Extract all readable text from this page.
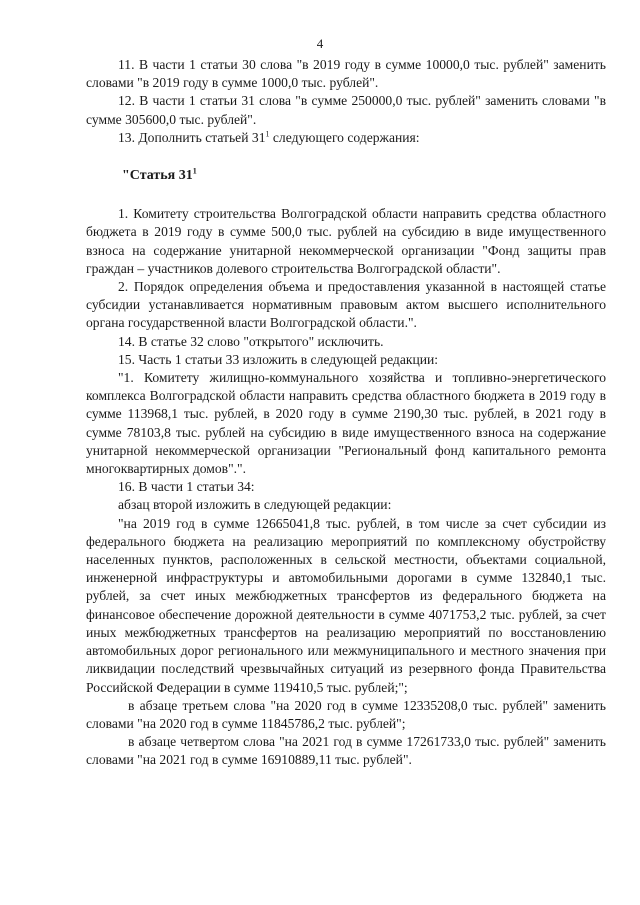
4

11. В части 1 статьи 30 слова "в 2019 году в сумме 10000,0 тыс. рублей" заменить словами "в 2019 году в сумме 1000,0 тыс. рублей".

12. В части 1 статьи 31 слова "в сумме 250000,0 тыс. рублей" заменить словами "в сумме 305600,0 тыс. рублей".

13. Дополнить статьей $31^1$ следующего содержания:

"Статья $31^1$

1. Комитету строительства Волгоградской области направить средства областного бюджета в 2019 году в сумме 500,0 тыс. рублей на субсидию в виде имущественного взноса на содержание унитарной некоммерческой организации "Фонд защиты прав граждан – участников долевого строительства Волгоградской области".

2. Порядок определения объема и предоставления указанной в настоящей статье субсидии устанавливается нормативным правовым актом высшего исполнительного органа государственной власти Волгоградской области.".

14. В статье 32 слово "открытого" исключить.

15. Часть 1 статьи 33 изложить в следующей редакции:

"1. Комитету жилищно-коммунального хозяйства и топливно-энергетического комплекса Волгоградской области направить средства областного бюджета в 2019 году в сумме 113968,1 тыс. рублей, в 2020 году в сумме 2190,30 тыс. рублей, в 2021 году в сумме 78103,8 тыс. рублей на субсидию в виде имущественного взноса на содержание унитарной некоммерческой организации "Региональный фонд капитального ремонта многоквартирных домов".".

16. В части 1 статьи 34:

абзац второй изложить в следующей редакции:

"на 2019 год в сумме 12665041,8 тыс. рублей, в том числе за счет субсидии из федерального бюджета на реализацию мероприятий по комплексному обустройству населенных пунктов, расположенных в сельской местности, объектами социальной, инженерной инфраструктуры и автомобильными дорогами в сумме 132840,1 тыс. рублей, за счет иных межбюджетных трансфертов из федерального бюджета на финансовое обеспечение дорожной деятельности в сумме 4071753,2 тыс. рублей, за счет иных межбюджетных трансфертов на реализацию мероприятий по восстановлению автомобильных дорог регионального или межмуниципального и местного значения при ликвидации последствий чрезвычайных ситуаций из резервного фонда Правительства Российской Федерации в сумме 119410,5 тыс. рублей;";

в абзаце третьем слова "на 2020 год в сумме 12335208,0 тыс. рублей" заменить словами "на 2020 год в сумме 11845786,2 тыс. рублей";

в абзаце четвертом слова "на 2021 год в сумме 17261733,0 тыс. рублей" заменить словами "на 2021 год в сумме 16910889,11 тыс. рублей".
